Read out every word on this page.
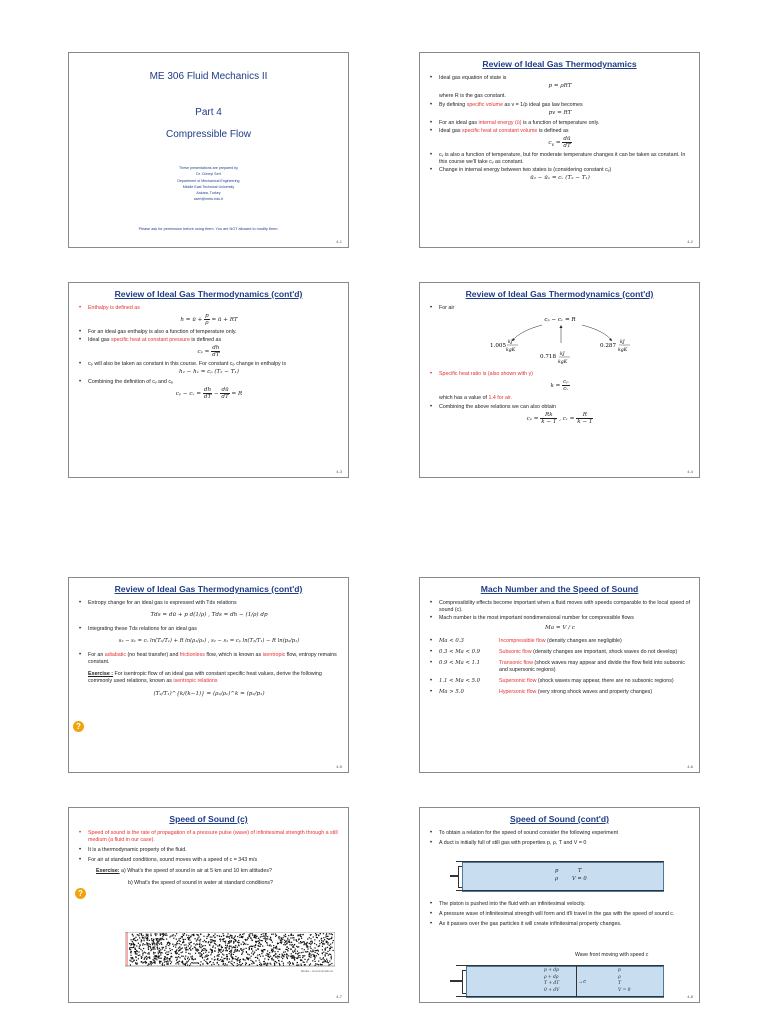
ME 306 Fluid Mechanics II
Part 4
Compressible Flow
These presentations are prepared by
Dr. Cüneyt Sert
Department of Mechanical Engineering
Middle East Technical University
Ankara, Turkey
csert@metu.edu.tr
Please ask for permission before using them. You are NOT allowed to modify them.
4-1
Review of Ideal Gas Thermodynamics
• Ideal gas equation of state is
p = ρRT
where R is the gas constant.
• By defining specific volume as v = 1/ρ ideal gas law becomes
pv = RT
• For an ideal gas internal energy (ū) is a function of temperature only.
• Ideal gas specific heat at constant volume is defined as
$c_v = \frac{dū}{dT}$
• cᵥ is also a function of temperature, but for moderate temperature changes it can be taken as constant. In this course we'll take cᵥ as constant.
• Change in internal energy between two states is (considering constant cᵥ)
ū₂ − ū₁ = cᵥ (T₂ − T₁)
4-2
Review of Ideal Gas Thermodynamics (cont'd)
• Enthalpy is defined as
h = ū + $\frac{p}{\rho}$ = ū + RT
• For an ideal gas enthalpy is also a function of temperature only.
• Ideal gas specific heat at constant pressure is defined as
$c_p = \frac{dh}{dT}$
• cₚ will also be taken as constant in this course. For constant cₚ change in enthalpy is
h₂ − h₁ = cₚ (T₂ − T₁)
• Combining the definition of cᵥ and cₚ
cₚ − cᵥ = $\frac{dh}{dT} - \frac{dū}{dT} = R$
4-3
Review of Ideal Gas Thermodynamics (cont'd)
• For air
cₚ − cᵥ = R
1.005
kJ
kgK
0.287
kJ
kgK
0.718 kJ
kgK
• Specific heat ratio is (also shown with γ)
$k = \frac{\text{cₚ}}{\text{cᵥ}}$
which has a value of 1.4 for air.
• Combining the above relations we can also obtain
$c_p = \frac{Rk}{k - 1}$ , cᵥ = $\frac{R}{k - 1}$
4-4
Review of Ideal Gas Thermodynamics (cont'd)
• Entropy change for an ideal gas is expressed with Tds relations
Tds = dū + p d(1/ρ) , Tds = dh − (1/ρ) dp
• Integrating these Tds relations for an ideal gas
s₂ − s₁ = cᵥ ln(T₂/T₁) + R ln(ρ₁/ρ₂) , s₂ − s₁ = cₚ ln(T₂/T₁) − R ln(p₂/p₁)
• For an adiabatic (no heat transfer) and frictionless flow, which is known as isentropic flow, entropy remains constant.
Exercise : For isentropic flow of an ideal gas with constant specific heat values, derive the following commonly used relations, known as isentropic relations
(T₂/T₁)^{k/(k−1)} = (ρ₂/ρ₁)^k = (p₂/p₁)
?
4-5
Mach Number and the Speed of Sound
• Compressibility effects become important when a fluid moves with speeds comparable to the local speed of sound (c).
• Mach number is the most important nondimensional number for compressible flows
Ma = V / c
• Ma < 0.3	Incompressible flow (density changes are negligible)
• 0.3 < Ma < 0.9	Subsonic flow (density changes are important, shock waves do not develop)
• 0.9 < Ma < 1.1	Transonic flow (shock waves may appear and divide the flow field into subsonic and supersonic regions)
• 1.1 < Ma < 5.0	Supersonic flow (shock waves may appear, there are no subsonic regions)
• Ma > 5.0	Hypersonic flow (very strong shock waves and property changes)
4-6
Speed of Sound (c)
• Speed of sound is the rate of propagation of a pressure pulse (wave) of infinitesimal strength through a still medium (a fluid in our case).
• It is a thermodynamic property of the fluid.
• For air at standard conditions, sound moves with a speed of c = 343 m/s
Exercise: a) What's the speed of sound in air at 5 km and 10 km altitudes?
b) What's the speed of sound in water at standard conditions?
?
Media – Ana Animations
4-7
Speed of Sound (cont'd)
• To obtain a relation for the speed of sound consider the following experiment
• A duct is initially full of still gas with properties p, ρ, T and V = 0
p	T
ρ	V = 0
• The piston is pushed into the fluid with an infinitesimal velocity.
• A pressure wave of infinitesimal strength will form and it'll travel in the gas with the speed of sound c.
• As it passes over the gas particles it will create infinitesimal property changes.
Wave front moving with speed c
p + dp
ρ + dρ
T + dT
0 + dV
→c
p
ρ
T
V = 0
4-8
